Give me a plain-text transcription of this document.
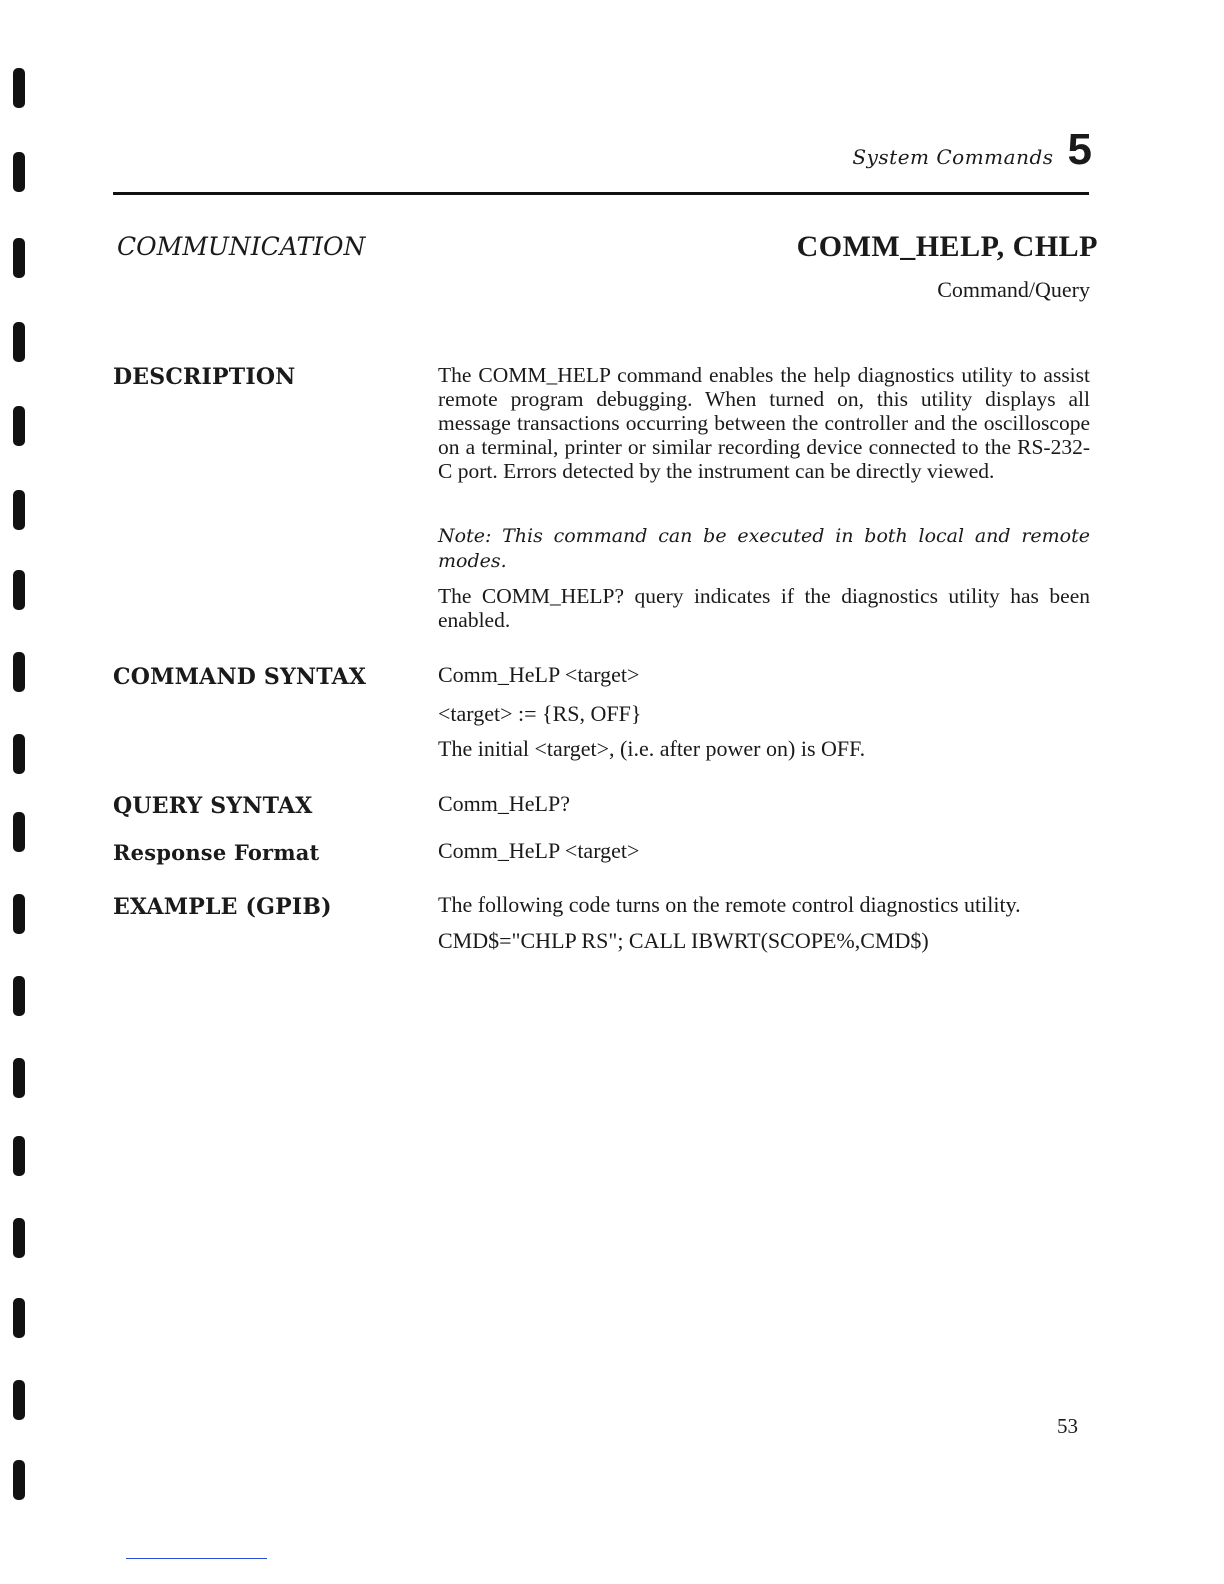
System Commands 5
COMMUNICATION	COMM_HELP, CHLP
Command/Query
DESCRIPTION	The COMM_HELP command enables the help diagnostics utility to assist remote program debugging. When turned on, this utility displays all message transactions occurring between the controller and the oscilloscope on a terminal, printer or similar recording device connected to the RS-232-C port. Errors detected by the instrument can be directly viewed.
Note: This command can be executed in both local and remote modes.
The COMM_HELP? query indicates if the diagnostics utility has been enabled.
COMMAND SYNTAX	Comm_HeLP <target>
<target> := {RS, OFF}
The initial <target>, (i.e. after power on) is OFF.
QUERY SYNTAX	Comm_HeLP?
Response Format	Comm_HeLP <target>
EXAMPLE (GPIB)	The following code turns on the remote control diagnostics utility.
CMD$="CHLP RS"; CALL IBWRT(SCOPE%,CMD$)
53
